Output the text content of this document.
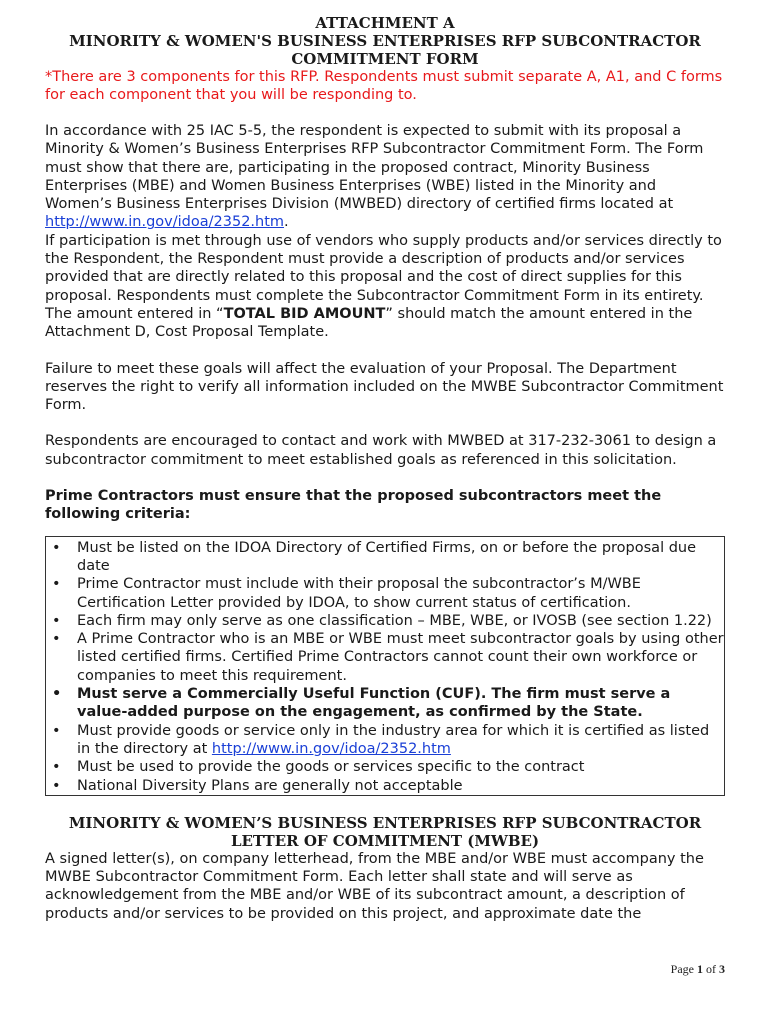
ATTACHMENT A
MINORITY & WOMEN'S BUSINESS ENTERPRISES RFP SUBCONTRACTOR
COMMITMENT FORM
*There are 3 components for this RFP. Respondents must submit separate A, A1, and C forms for each component that you will be responding to.

In accordance with 25 IAC 5-5, the respondent is expected to submit with its proposal a Minority & Women’s Business Enterprises RFP Subcontractor Commitment Form. The Form must show that there are, participating in the proposed contract, Minority Business Enterprises (MBE) and Women Business Enterprises (WBE) listed in the Minority and Women’s Business Enterprises Division (MWBED) directory of certified firms located at http://www.in.gov/idoa/2352.htm.
If participation is met through use of vendors who supply products and/or services directly to the Respondent, the Respondent must provide a description of products and/or services provided that are directly related to this proposal and the cost of direct supplies for this proposal. Respondents must complete the Subcontractor Commitment Form in its entirety. The amount entered in “TOTAL BID AMOUNT” should match the amount entered in the Attachment D, Cost Proposal Template.

Failure to meet these goals will affect the evaluation of your Proposal. The Department reserves the right to verify all information included on the MWBE Subcontractor Commitment Form.

Respondents are encouraged to contact and work with MWBED at 317-232-3061 to design a subcontractor commitment to meet established goals as referenced in this solicitation.

Prime Contractors must ensure that the proposed subcontractors meet the following criteria:
• Must be listed on the IDOA Directory of Certified Firms, on or before the proposal due date
• Prime Contractor must include with their proposal the subcontractor’s M/WBE Certification Letter provided by IDOA, to show current status of certification.
• Each firm may only serve as one classification – MBE, WBE, or IVOSB (see section 1.22)
• A Prime Contractor who is an MBE or WBE must meet subcontractor goals by using other listed certified firms. Certified Prime Contractors cannot count their own workforce or companies to meet this requirement.
• Must serve a Commercially Useful Function (CUF). The firm must serve a value-added purpose on the engagement, as confirmed by the State.
• Must provide goods or service only in the industry area for which it is certified as listed in the directory at http://www.in.gov/idoa/2352.htm
• Must be used to provide the goods or services specific to the contract
• National Diversity Plans are generally not acceptable
MINORITY & WOMEN’S BUSINESS ENTERPRISES RFP SUBCONTRACTOR
LETTER OF COMMITMENT (MWBE)

A signed letter(s), on company letterhead, from the MBE and/or WBE must accompany the MWBE Subcontractor Commitment Form. Each letter shall state and will serve as acknowledgement from the MBE and/or WBE of its subcontract amount, a description of products and/or services to be provided on this project, and approximate date the

Page 1 of 3
